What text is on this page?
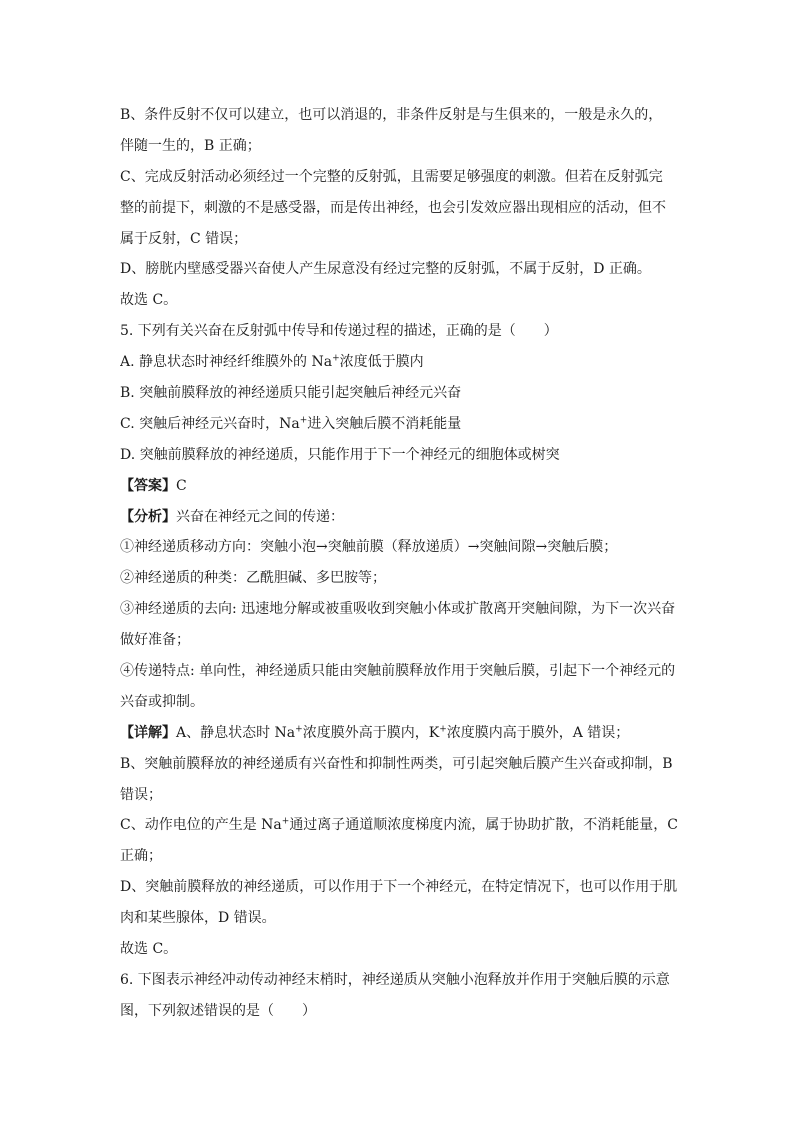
B、条件反射不仅可以建立，也可以消退的，非条件反射是与生俱来的，一般是永久的，
伴随一生的，B 正确；
C、完成反射活动必须经过一个完整的反射弧，且需要足够强度的刺激。但若在反射弧完
整的前提下，刺激的不是感受器，而是传出神经，也会引发效应器出现相应的活动，但不
属于反射，C 错误；
D、膀胱内壁感受器兴奋使人产生尿意没有经过完整的反射弧，不属于反射，D 正确。
故选 C。
5. 下列有关兴奋在反射弧中传导和传递过程的描述，正确的是（　　）
A. 静息状态时神经纤维膜外的 Na+浓度低于膜内
B. 突触前膜释放的神经递质只能引起突触后神经元兴奋
C. 突触后神经元兴奋时，Na+进入突触后膜不消耗能量
D. 突触前膜释放的神经递质，只能作用于下一个神经元的细胞体或树突
【答案】C
【分析】兴奋在神经元之间的传递：
①神经递质移动方向：突触小泡→突触前膜（释放递质）→突触间隙→突触后膜；
②神经递质的种类：乙酰胆碱、多巴胺等；
③神经递质的去向: 迅速地分解或被重吸收到突触小体或扩散离开突触间隙，为下一次兴奋
做好准备；
④传递特点: 单向性，神经递质只能由突触前膜释放作用于突触后膜，引起下一个神经元的
兴奋或抑制。
【详解】A、静息状态时 Na+浓度膜外高于膜内，K+浓度膜内高于膜外，A 错误；
B、突触前膜释放的神经递质有兴奋性和抑制性两类，可引起突触后膜产生兴奋或抑制，B
错误；
C、动作电位的产生是 Na+通过离子通道顺浓度梯度内流，属于协助扩散，不消耗能量，C
正确；
D、突触前膜释放的神经递质，可以作用于下一个神经元，在特定情况下，也可以作用于肌
肉和某些腺体，D 错误。
故选 C。
6. 下图表示神经冲动传动神经末梢时，神经递质从突触小泡释放并作用于突触后膜的示意
图，下列叙述错误的是（　　）
